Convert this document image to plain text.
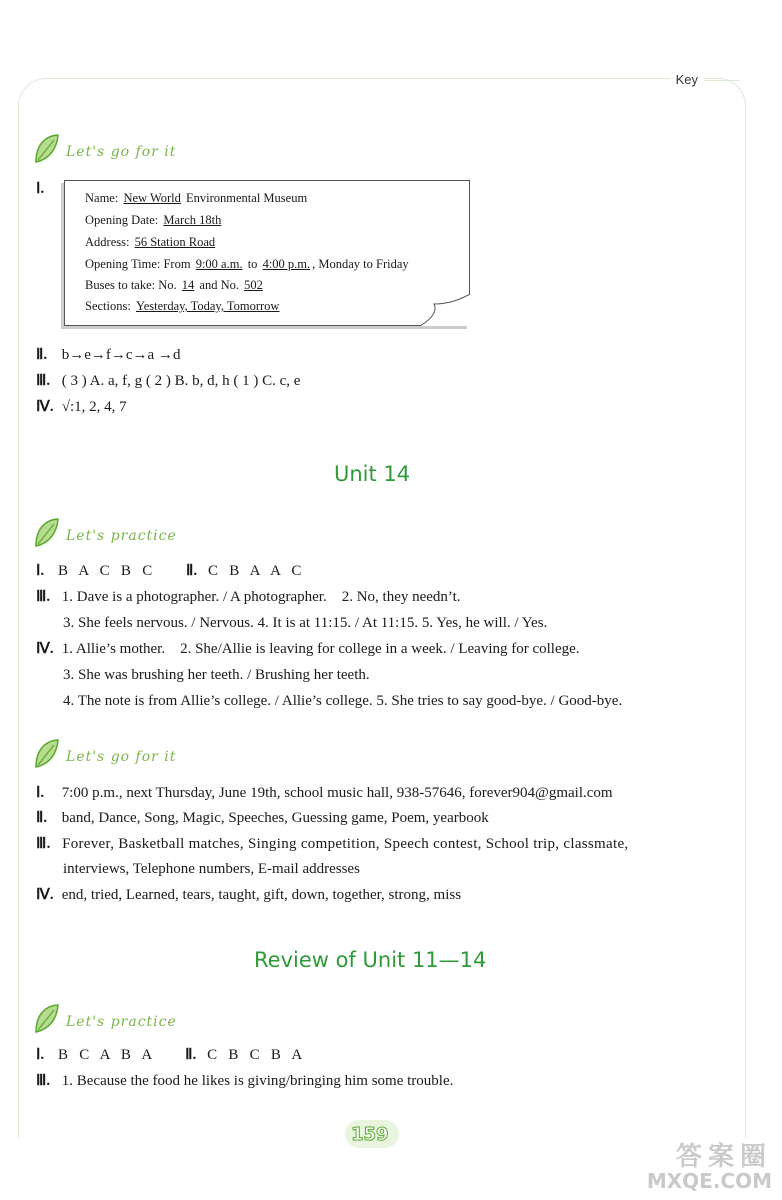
Key
Let's go for it
Ⅰ.
Name: New World Environmental Museum
Opening Date: March 18th
Address: 56 Station Road
Opening Time: From 9:00 a.m. to 4:00 p.m. , Monday to Friday
Buses to take: No. 14 and No. 502
Sections: Yesterday, Today, Tomorrow
Ⅱ. b→e→f→c→a →d
Ⅲ. ( 3 ) A. a, f, g ( 2 ) B. b, d, h ( 1 ) C. c, e
Ⅳ. √:1, 2, 4, 7
Unit 14
Let's practice
Ⅰ. B   A   C   B   C Ⅱ. C   B   A   A   C
Ⅲ. 1. Dave is a photographer. / A photographer.    2. No, they needn’t.
3. She feels nervous. / Nervous. 4. It is at 11:15. / At 11:15. 5. Yes, he will. / Yes.
Ⅳ. 1. Allie’s mother.    2. She/Allie is leaving for college in a week. / Leaving for college.
3. She was brushing her teeth. / Brushing her teeth.
4. The note is from Allie’s college. / Allie’s college. 5. She tries to say good-bye. / Good-bye.
Let's go for it
Ⅰ. 7:00 p.m., next Thursday, June 19th, school music hall, 938-57646, forever904@gmail.com
Ⅱ. band, Dance, Song, Magic, Speeches, Guessing game, Poem, yearbook
Ⅲ. Forever, Basketball matches, Singing competition, Speech contest, School trip, classmate,
interviews, Telephone numbers, E-mail addresses
Ⅳ. end, tried, Learned, tears, taught, gift, down, together, strong, miss
Review of Unit 11—14
Let's practice
Ⅰ. B   C   A   B   A Ⅱ. C   B   C   B   A
Ⅲ. 1. Because the food he likes is giving/bringing him some trouble.
159
答案圈
MXQE.COM
